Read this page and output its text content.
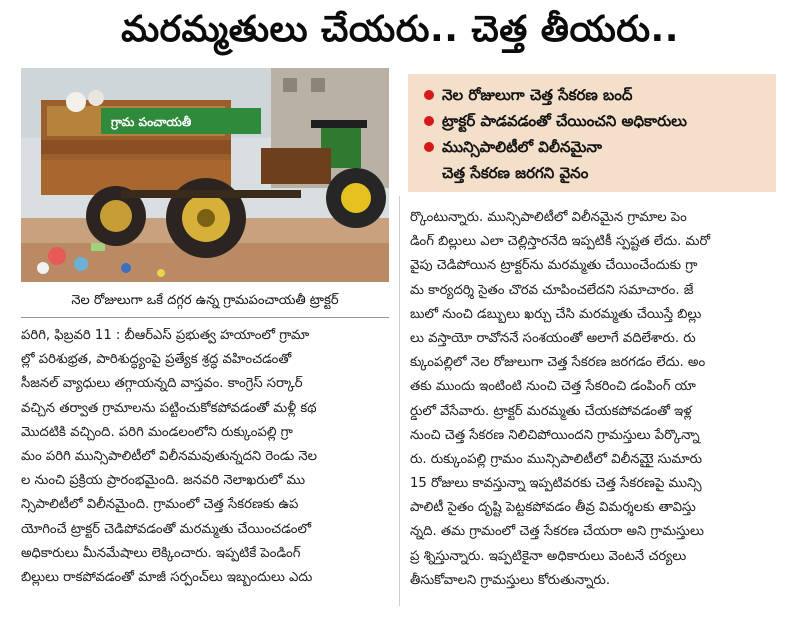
మరమ్మతులు చేయరు.. చెత్త తీయరు..
గ్రామ పంచాయతీ
నెల రోజులుగా ఒకే దగ్గర ఉన్న గ్రామపంచాయతీ ట్రాక్టర్
నెల రోజులుగా చెత్త సేకరణ బంద్
ట్రాక్టర్ పాడవడంతో చేయించని అధికారులు
మున్సిపాలిటీలో విలీనమైనా
చెత్త సేకరణ జరగని వైనం
పరిగి, ఫిబ్రవరి 11 : బీఆర్ఎస్ ప్రభుత్వ హయాంలో గ్రామా
ల్లో పరిశుభ్రత, పారిశుద్ధ్యంపై ప్రత్యేక శ్రద్ధ వహించడంతో
సీజనల్ వ్యాధులు తగ్గాయన్నది వాస్తవం. కాంగ్రెస్ సర్కార్
వచ్చిన తర్వాత గ్రామాలను పట్టించుకోకపోవడంతో మళ్లీ కథ
మొదటికి వచ్చింది. పరిగి మండలంలోని రుక్కుంపల్లి గ్రా
మం పరిగి మున్సిపాలిటీలో విలీనమవుతున్నదని రెండు నెల
ల నుంచి ప్రక్రియ ప్రారంభమైంది. జనవరి నెలాఖరులో ము
న్సిపాలిటీలో విలీనమైంది. గ్రామంలో చెత్త సేకరణకు ఉప
యోగించే ట్రాక్టర్ చెడిపోవడంతో మరమ్మతు చేయించడంలో
అధికారులు మీనమేషాలు లెక్కించారు. ఇప్పటికే పెండింగ్
బిల్లులు రాకపోవడంతో మాజీ సర్పంచ్‌లు ఇబ్బందులు ఎదు
ర్కొంటున్నారు. మున్సిపాలిటీలో విలీనమైన గ్రామాల పెం
డింగ్ బిల్లులు ఎలా చెల్లిస్తారనేది ఇప్పటికీ స్పష్టత లేదు. మరో
వైపు చెడిపోయిన ట్రాక్టర్‌ను మరమ్మతు చేయించేందుకు గ్రా
మ కార్యదర్శి సైతం చొరవ చూపించలేదని సమాచారం. జే
బులో నుంచి డబ్బులు ఖర్చు చేసి మరమ్మతు చేయిస్తే బిల్లు
లు వస్తాయో రావోననే సంశయంతో అలాగే వదిలేశారు. రు
క్కుంపల్లిలో నెల రోజులుగా చెత్త సేకరణ జరగడం లేదు. అం
తకు ముందు ఇంటింటి నుంచి చెత్త సేకరించి డంపింగ్ యా
ర్డులో వేసేవారు. ట్రాక్టర్ మరమ్మతు చేయకపోవడంతో ఇళ్ల
నుంచి చెత్త సేకరణ నిలిచిపోయిందని గ్రామస్తులు పేర్కొన్నా
రు. రుక్కుంపల్లి గ్రామం మున్సిపాలిటీలో విలీనమైై సుమారు
15 రోజులు కావస్తున్నా ఇప్పటివరకు చెత్త సేకరణపై మున్సి
పాలిటీ సైతం దృష్టి పెట్టకపోవడం తీవ్ర విమర్శలకు తావిస్తు
న్నది. తమ గ్రామంలో చెత్త సేకరణ చేయరా అని గ్రామస్తులు
ప్ర శ్నిస్తున్నారు. ఇప్పటికైనా అధికారులు వెంటనే చర్యలు
తీసుకోవాలని గ్రామస్తులు కోరుతున్నారు.
